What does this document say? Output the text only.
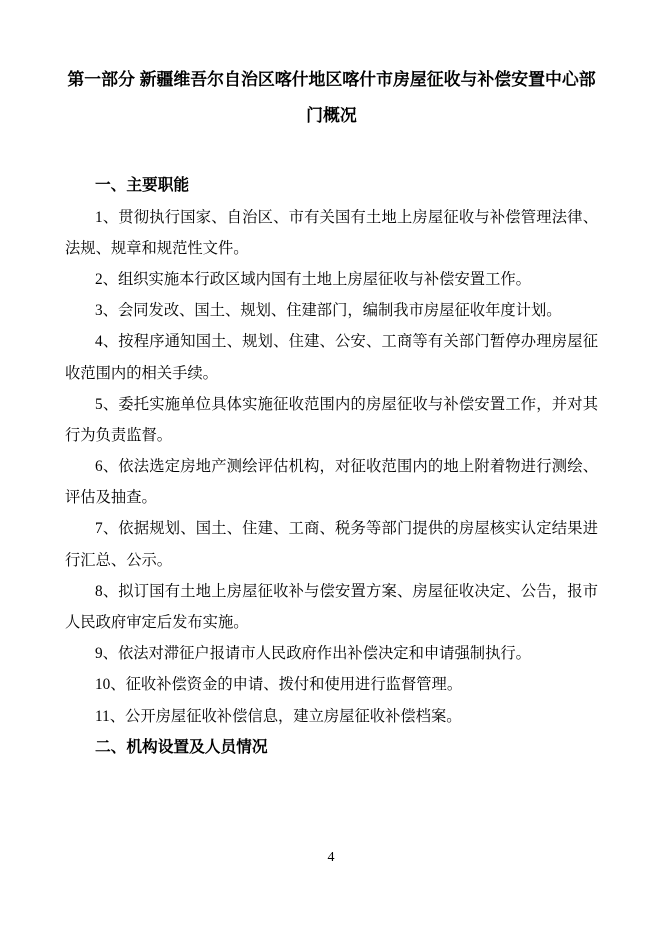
第一部分 新疆维吾尔自治区喀什地区喀什市房屋征收与补偿安置中心部
门概况
一、主要职能
1、贯彻执行国家、自治区、市有关国有土地上房屋征收与补偿管理法律、
法规、规章和规范性文件。
2、组织实施本行政区域内国有土地上房屋征收与补偿安置工作。
3、会同发改、国土、规划、住建部门，编制我市房屋征收年度计划。
4、按程序通知国土、规划、住建、公安、工商等有关部门暂停办理房屋征
收范围内的相关手续。
5、委托实施单位具体实施征收范围内的房屋征收与补偿安置工作，并对其
行为负责监督。
6、依法选定房地产测绘评估机构，对征收范围内的地上附着物进行测绘、
评估及抽查。
7、依据规划、国土、住建、工商、税务等部门提供的房屋核实认定结果进
行汇总、公示。
8、拟订国有土地上房屋征收补与偿安置方案、房屋征收决定、公告，报市
人民政府审定后发布实施。
9、依法对滞征户报请市人民政府作出补偿决定和申请强制执行。
10、征收补偿资金的申请、拨付和使用进行监督管理。
11、公开房屋征收补偿信息，建立房屋征收补偿档案。
二、机构设置及人员情况
4
